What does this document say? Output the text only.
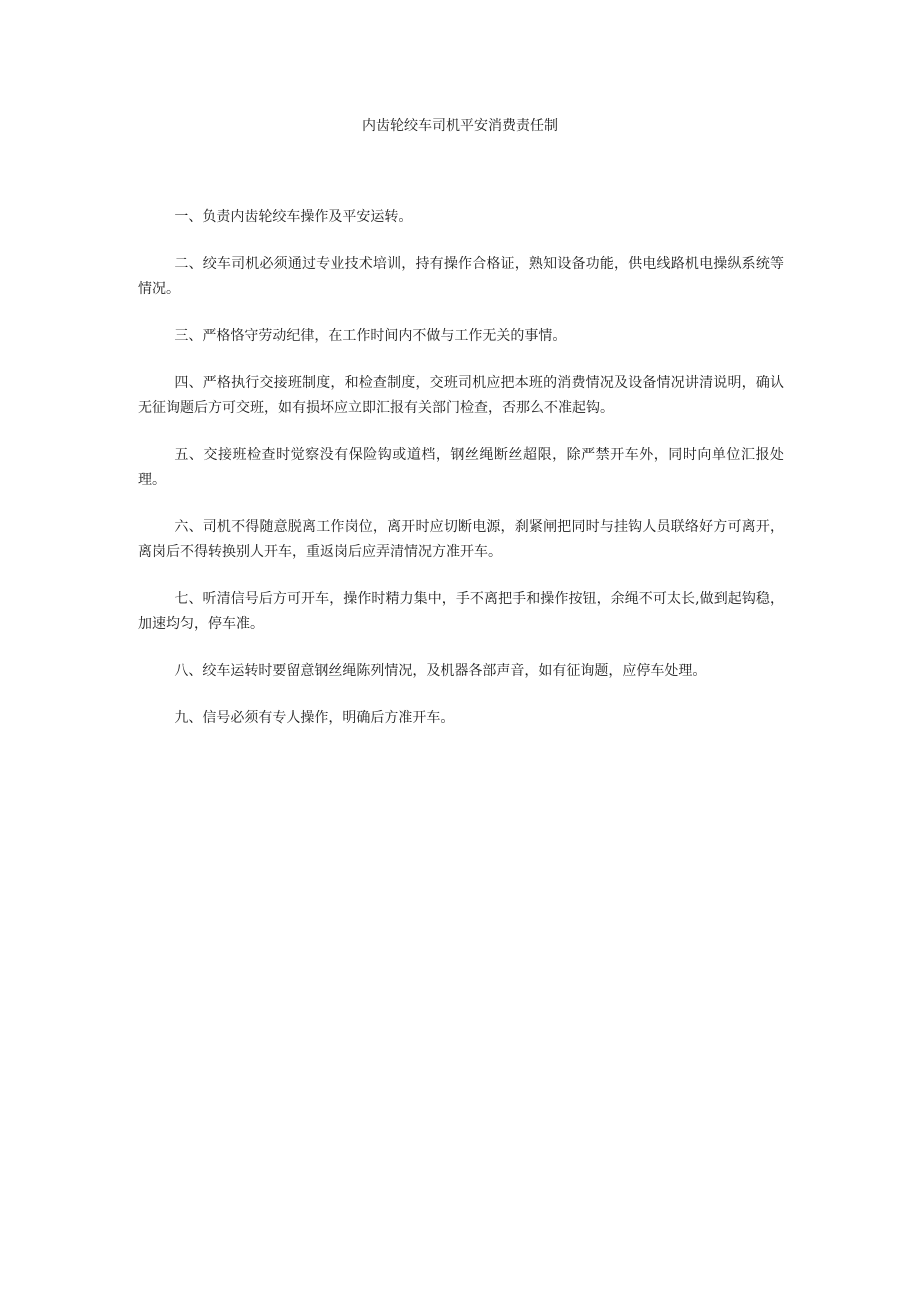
内齿轮绞车司机平安消费责任制

一、负责内齿轮绞车操作及平安运转。

二、绞车司机必须通过专业技术培训，持有操作合格证，熟知设备功能，供电线路机电操纵系统等情况。

三、严格恪守劳动纪律，在工作时间内不做与工作无关的事情。

四、严格执行交接班制度，和检查制度，交班司机应把本班的消费情况及设备情况讲清说明，确认无征询题后方可交班，如有损坏应立即汇报有关部门检查，否那么不准起钩。

五、交接班检查时觉察没有保险钩或道档，钢丝绳断丝超限，除严禁开车外，同时向单位汇报处理。

六、司机不得随意脱离工作岗位，离开时应切断电源，刹紧闸把同时与挂钩人员联络好方可离开，离岗后不得转换别人开车，重返岗后应弄清情况方准开车。

七、听清信号后方可开车，操作时精力集中，手不离把手和操作按钮，余绳不可太长,做到起钩稳，加速均匀，停车准。

八、绞车运转时要留意钢丝绳陈列情况，及机器各部声音，如有征询题，应停车处理。

九、信号必须有专人操作，明确后方准开车。
